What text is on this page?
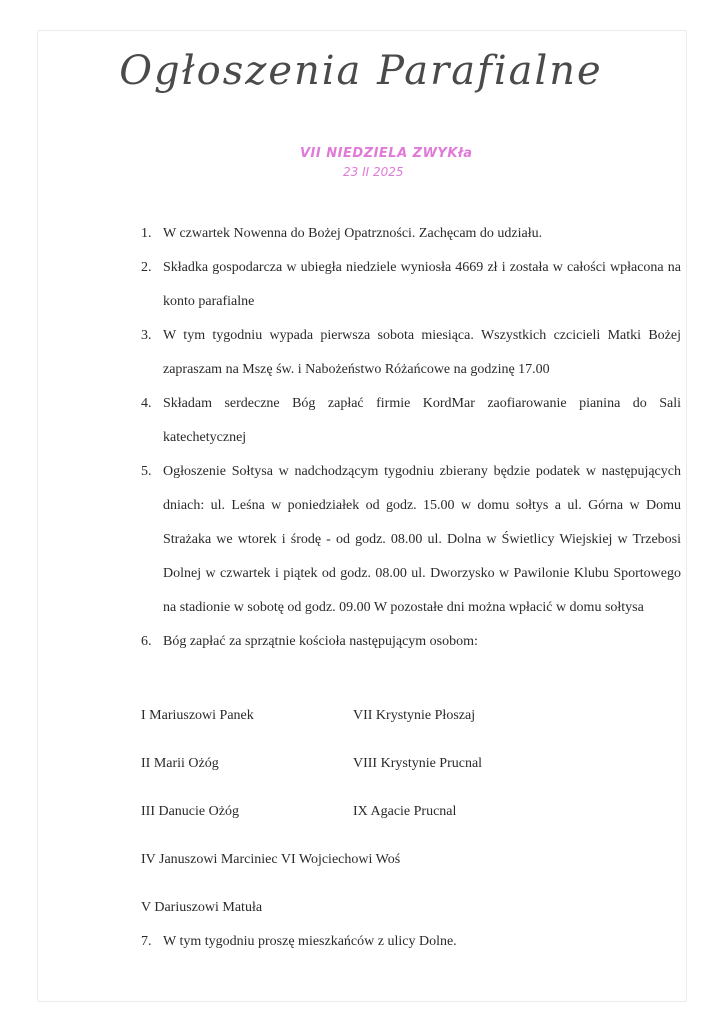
Ogłoszenia Parafialne
VII NIEDZIELA ZWYKła
23 II 2025
1. W czwartek Nowenna do Bożej Opatrzności. Zachęcam do udziału.
2. Składka gospodarcza w ubiegła niedziele wyniosła 4669 zł i została w całości wpłacona na konto parafialne
3. W tym tygodniu wypada pierwsza sobota miesiąca. Wszystkich czcicieli Matki Bożej zapraszam na Mszę św. i Nabożeństwo Różańcowe na godzinę 17.00
4. Składam serdeczne Bóg zapłać firmie KordMar zaofiarowanie pianina do Sali katechetycznej
5. Ogłoszenie Sołtysa w nadchodzącym tygodniu zbierany będzie podatek w następujących dniach: ul. Leśna w poniedziałek od godz. 15.00 w domu sołtys a ul. Górna w Domu Strażaka we wtorek i środę - od godz. 08.00 ul. Dolna w Świetlicy Wiejskiej w Trzebosi Dolnej w czwartek i piątek od godz. 08.00 ul. Dworzysko w Pawilonie Klubu Sportowego na stadionie w sobotę od godz. 09.00 W pozostałe dni można wpłacić w domu sołtysa
6. Bóg zapłać za sprzątnie kościoła następującym osobom:
I Mariuszowi Panek	VII Krystynie Płoszaj
II Marii Ożóg	VIII Krystynie Prucnal
III Danucie Ożóg	IX Agacie Prucnal
IV Januszowi Marciniec VI Wojciechowi Woś
V Dariuszowi Matuła
7. W tym tygodniu proszę mieszkańców z ulicy Dolne.
